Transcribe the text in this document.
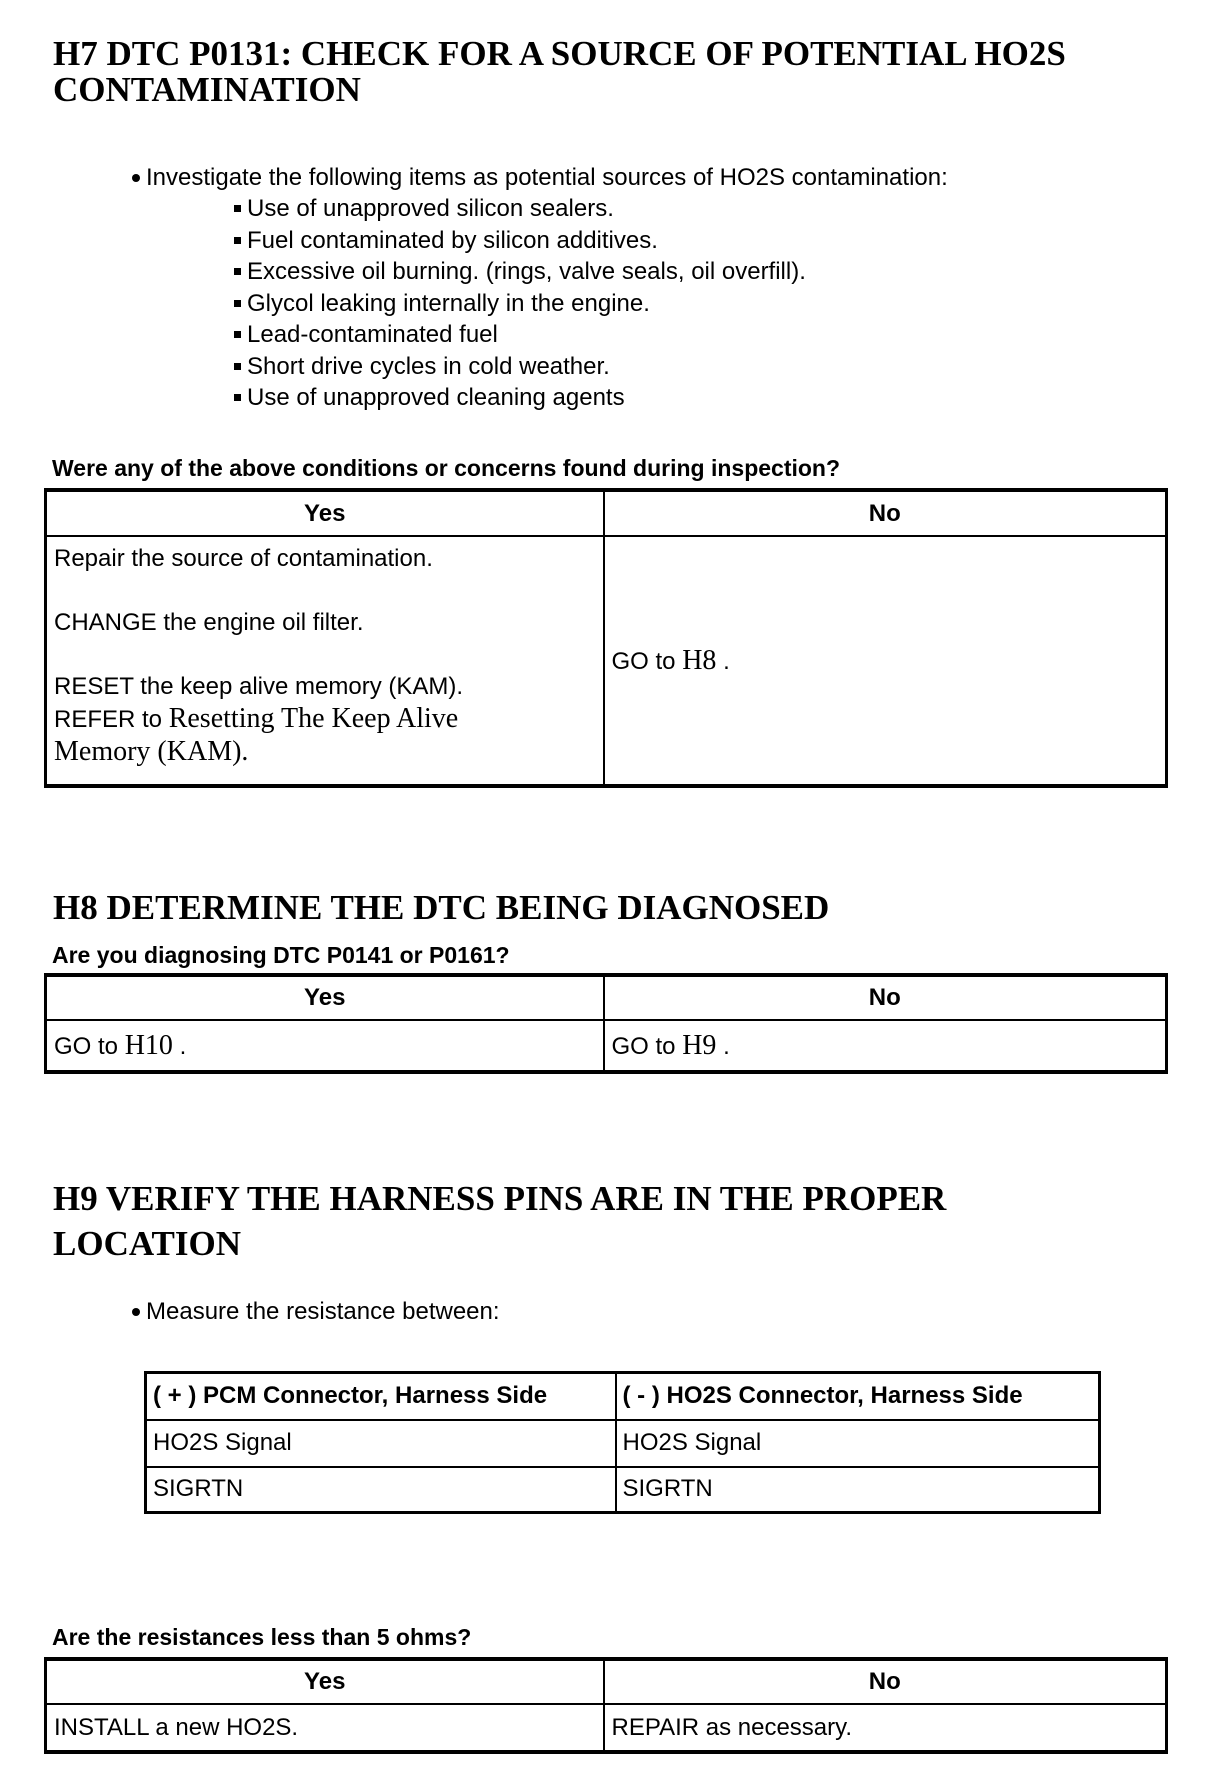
H7 DTC P0131: CHECK FOR A SOURCE OF POTENTIAL HO2S
CONTAMINATION
Investigate the following items as potential sources of HO2S contamination:
Use of unapproved silicon sealers.
Fuel contaminated by silicon additives.
Excessive oil burning. (rings, valve seals, oil overfill).
Glycol leaking internally in the engine.
Lead-contaminated fuel
Short drive cycles in cold weather.
Use of unapproved cleaning agents
Were any of the above conditions or concerns found during inspection?
Yes	No

Repair the source of contamination.

CHANGE the engine oil filter.

RESET the keep alive memory (KAM).

REFER to Resetting The Keep Alive

Memory (KAM).	GO to H8 .
H8 DETERMINE THE DTC BEING DIAGNOSED
Are you diagnosing DTC P0141 or P0161?
Yes	No
GO to H10 .	GO to H9 .
H9 VERIFY THE HARNESS PINS ARE IN THE PROPER
LOCATION
Measure the resistance between:
( + ) PCM Connector, Harness Side	( - ) HO2S Connector, Harness Side
HO2S Signal	HO2S Signal
SIGRTN	SIGRTN
Are the resistances less than 5 ohms?
Yes	No
INSTALL a new HO2S.	REPAIR as necessary.
